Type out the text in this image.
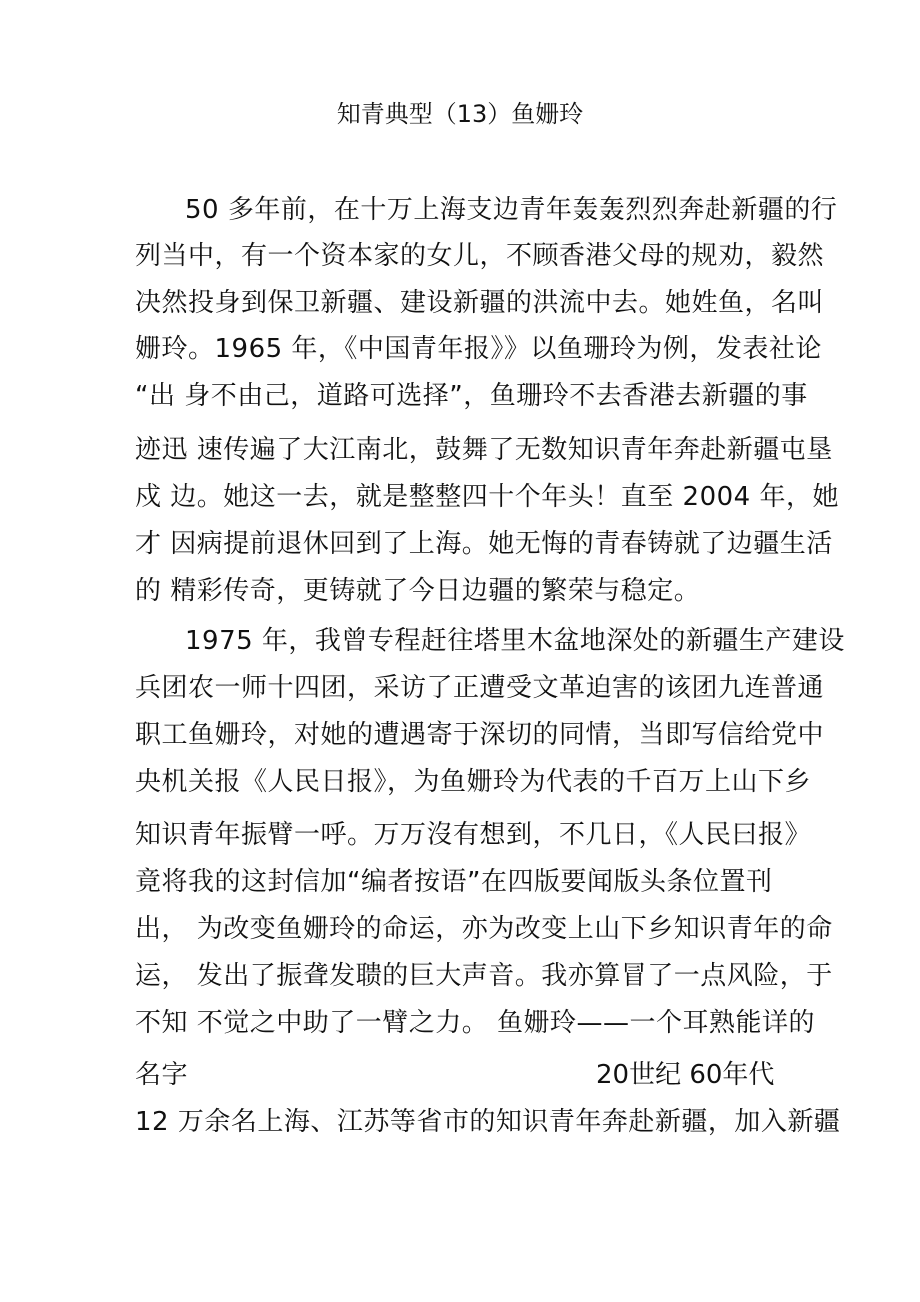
知青典型（13）鱼姗玲
50 多年前，在十万上海支边青年轰轰烈烈奔赴新疆的行
列当中，有一个资本家的女儿，不顾香港父母的规劝，毅然
决然投身到保卫新疆、建设新疆的洪流中去。她姓鱼，名叫
姗玲。1965 年，《中国青年报》》以鱼珊玲为例，发表社论
“出 身不由己，道路可选择”，鱼珊玲不去香港去新疆的事
迹迅 速传遍了大江南北，鼓舞了无数知识青年奔赴新疆屯垦
戍 边。她这一去，就是整整四十个年头！直至 2004 年，她
才 因病提前退休回到了上海。她无悔的青春铸就了边疆生活
的 精彩传奇，更铸就了今日边疆的繁荣与稳定。
1975 年，我曾专程赶往塔里木盆地深处的新疆生产建设
兵团农一师十四团，采访了正遭受文革迫害的该团九连普通
职工鱼姗玲，对她的遭遇寄于深切的同情，当即写信给党中
央机关报《人民日报》，为鱼姗玲为代表的千百万上山下乡
知识青年振臂一呼。万万沒有想到，不几日，《人民曰报》
竟将我的这封信加“编者按语”在四版要闻版头条位置刊
出， 为改变鱼姗玲的命运，亦为改变上山下乡知识青年的命
运， 发出了振聋发聩的巨大声音。我亦算冒了一点风险，于
不知 不觉之中助了一臂之力。 鱼姗玲——一个耳熟能详的
名字	20世纪 60年代
12 万余名上海、江苏等省市的知识青年奔赴新疆，加入新疆
